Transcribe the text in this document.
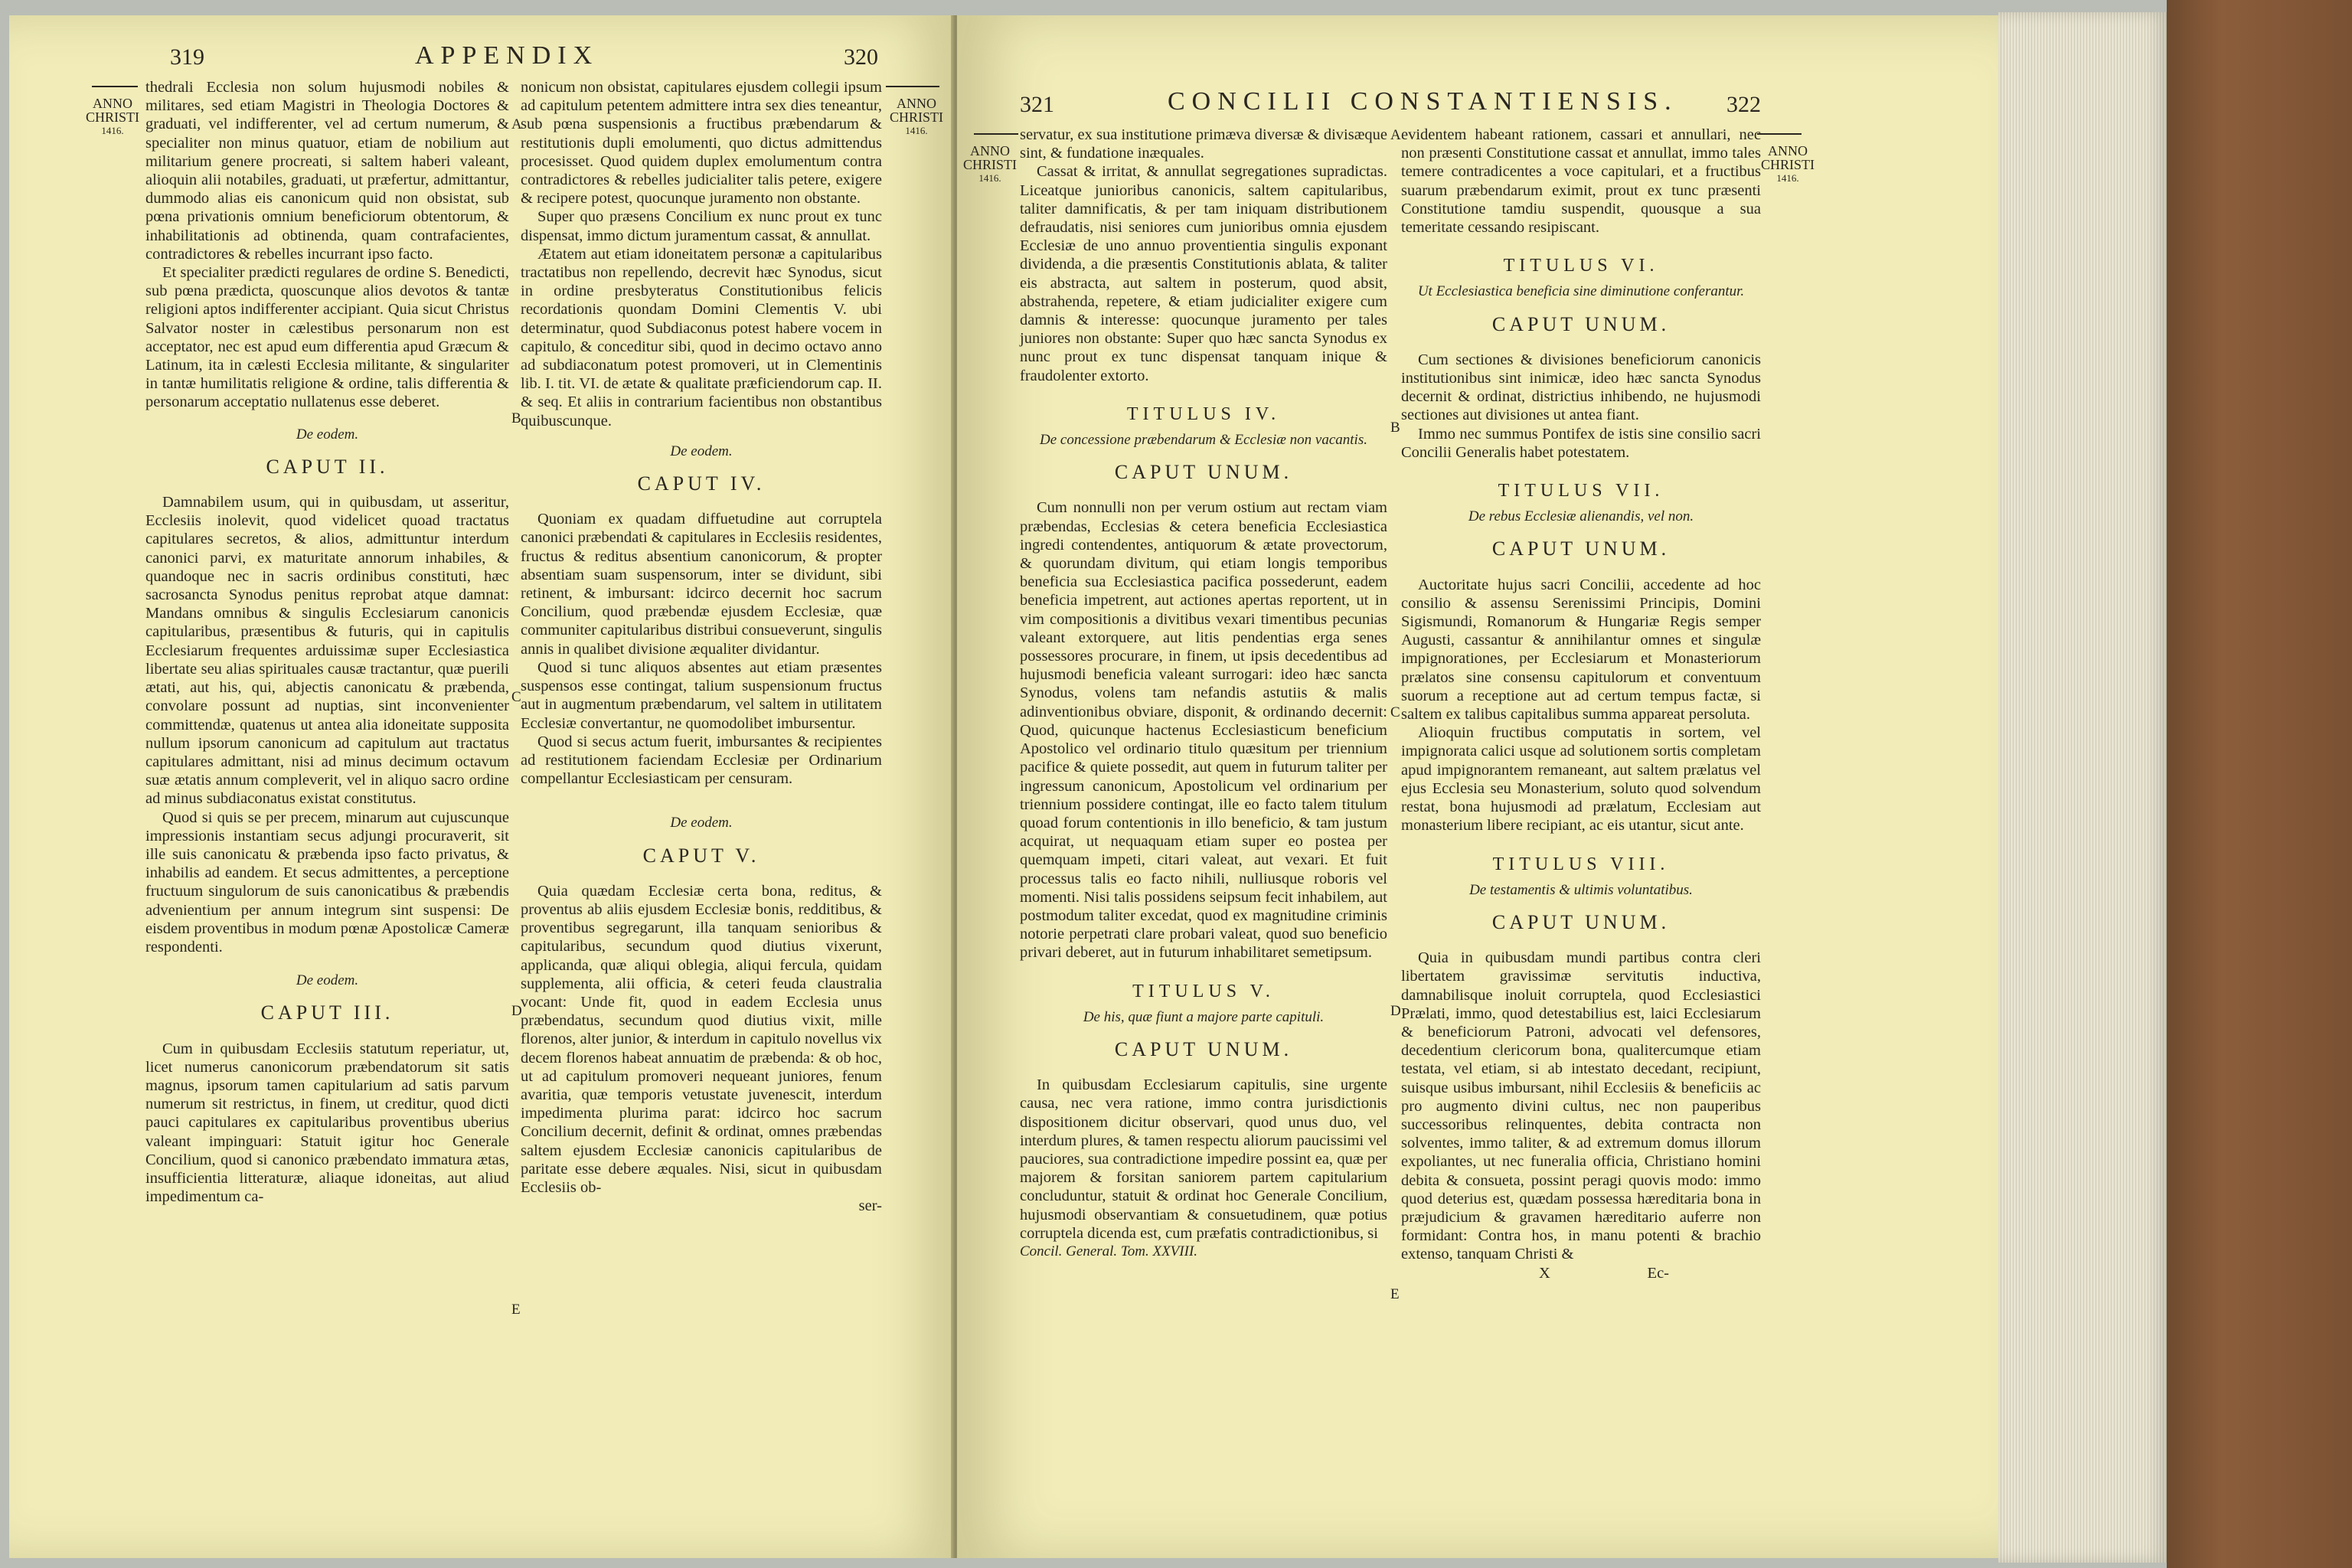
319	APPENDIX	320
ANNO
CHRISTI
1416.
ANNO
CHRISTI
1416.

thedrali Ecclesia non solum hujusmodi nobiles & militares, sed etiam Magistri in Theologia Doctores & graduati, vel indifferenter, vel ad certum numerum, & specialiter non minus quatuor, etiam de nobilium aut militarium genere procreati, si saltem haberi valeant, alioquin alii notabiles, graduati, ut præfertur, admittantur, dummodo alias eis canonicum quid non obsistat, sub pœna privationis omnium beneficiorum obtentorum, & inhabilitationis ad obtinenda, quam contrafacientes, contradictores & rebelles incurrant ipso facto.

Et specialiter prædicti regulares de ordine S. Benedicti, sub pœna prædicta, quoscunque alios devotos & tantæ religioni aptos indifferenter accipiant. Quia sicut Christus Salvator noster in cælestibus personarum non est acceptator, nec est apud eum differentia apud Græcum & Latinum, ita in cælesti Ecclesia militante, & singulariter in tantæ humilitatis religione & ordine, talis differentia & personarum acceptatio nullatenus esse deberet.

De eodem.
CAPUT II.

Damnabilem usum, qui in quibusdam, ut asseritur, Ecclesiis inolevit, quod videlicet quoad tractatus capitulares secretos, & alios, admittuntur interdum canonici parvi, ex maturitate annorum inhabiles, & quandoque nec in sacris ordinibus constituti, hæc sacrosancta Synodus penitus reprobat atque damnat: Mandans omnibus & singulis Ecclesiarum canonicis capitularibus, præsentibus & futuris, qui in capitulis Ecclesiarum frequentes arduissimæ super Ecclesiastica libertate seu alias spirituales causæ tractantur, quæ puerili ætati, aut his, qui, abjectis canonicatu & præbenda, convolare possunt ad nuptias, sint inconvenienter committendæ, quatenus ut antea alia idoneitate supposita nullum ipsorum canonicum ad capitulum aut tractatus capitulares admittant, nisi ad minus decimum octavum suæ ætatis annum compleverit, vel in aliquo sacro ordine ad minus subdiaconatus existat constitutus.

Quod si quis se per precem, minarum aut cujuscunque impressionis instantiam secus adjungi procuraverit, sit ille suis canonicatu & præbenda ipso facto privatus, & inhabilis ad eandem. Et secus admittentes, a perceptione fructuum singulorum de suis canonicatibus & præbendis advenientium per annum integrum sint suspensi: De eisdem proventibus in modum pœnæ Apostolicæ Cameræ respondenti.

De eodem.
CAPUT III.

Cum in quibusdam Ecclesiis statutum reperiatur, ut, licet numerus canonicorum præbendatorum sit satis magnus, ipsorum tamen capitularium ad satis parvum numerum sit restrictus, in finem, ut creditur, quod dicti pauci capitulares ex capitularibus proventibus uberius valeant impinguari: Statuit igitur hoc Generale Concilium, quod si canonico præbendato immatura ætas, insufficientia litteraturæ, aliaque idoneitas, aut aliud impedimentum ca-

nonicum non obsistat, capitulares ejusdem collegii ipsum ad capitulum petentem admittere intra sex dies teneantur, sub pœna suspensionis a fructibus præbendarum & restitutionis dupli emolumenti, quo dictus admittendus procesisset. Quod quidem duplex emolumentum contra contradictores & rebelles judicialiter talis petere, exigere & recipere potest, quocunque juramento non obstante.

Super quo præsens Concilium ex nunc prout ex tunc dispensat, immo dictum juramentum cassat, & annullat.

Ætatem aut etiam idoneitatem personæ a capitularibus tractatibus non repellendo, decrevit hæc Synodus, sicut in ordine presbyteratus Constitutionibus felicis recordationis quondam Domini Clementis V. ubi determinatur, quod Subdiaconus potest habere vocem in capitulo, & conceditur sibi, quod in decimo octavo anno ad subdiaconatum potest promoveri, ut in Clementinis lib. I. tit. VI. de ætate & qualitate præficiendorum cap. II. & seq. Et aliis in contrarium facientibus non obstantibus quibuscunque.

De eodem.
CAPUT IV.

Quoniam ex quadam diffuetudine aut corruptela canonici præbendati & capitulares in Ecclesiis residentes, fructus & reditus absentium canonicorum, & propter absentiam suam suspensorum, inter se dividunt, sibi retinent, & imbursant: idcirco decernit hoc sacrum Concilium, quod præbendæ ejusdem Ecclesiæ, quæ communiter capitularibus distribui consueverunt, singulis annis in qualibet divisione æqualiter dividantur.

Quod si tunc aliquos absentes aut etiam præsentes suspensos esse contingat, talium suspensionum fructus aut in augmentum præbendarum, vel saltem in utilitatem Ecclesiæ convertantur, ne quomodolibet imbursentur.

Quod si secus actum fuerit, imbursantes & recipientes ad restitutionem faciendam Ecclesiæ per Ordinarium compellantur Ecclesiasticam per censuram.

De eodem.
CAPUT V.

Quia quædam Ecclesiæ certa bona, reditus, & proventus ab aliis ejusdem Ecclesiæ bonis, redditibus, & proventibus segregarunt, illa tanquam senioribus & capitularibus, secundum quod diutius vixerunt, applicanda, quæ aliqui oblegia, aliqui fercula, quidam supplementa, alii officia, & ceteri feuda claustralia vocant: Unde fit, quod in eadem Ecclesia unus præbendatus, secundum quod diutius vixit, mille florenos, alter junior, & interdum in capitulo novellus vix decem florenos habeat annuatim de præbenda: & ob hoc, ut ad capitulum promoveri nequeant juniores, fenum avaritia, quæ temporis vetustate juvenescit, interdum impedimenta plurima parat: idcirco hoc sacrum Concilium decernit, definit & ordinat, omnes præbendas saltem ejusdem Ecclesiæ canonicis capitularibus de paritate esse debere æquales. Nisi, sicut in quibusdam Ecclesiis ob-

ser-
A
B
C
D
E
321	CONCILII CONSTANTIENSIS. 322
ANNO
CHRISTI
1416.
ANNO
CHRISTI
1416.

servatur, ex sua institutione primæva diversæ & divisæque sint, & fundatione inæquales.

Cassat & irritat, & annullat segregationes supradictas. Liceatque junioribus canonicis, saltem capitularibus, taliter damnificatis, & per tam iniquam distributionem defraudatis, nisi seniores cum junioribus omnia ejusdem Ecclesiæ de uno annuo proventientia singulis exponant dividenda, a die præsentis Constitutionis ablata, & taliter eis abstracta, aut saltem in posterum, quod absit, abstrahenda, repetere, & etiam judicialiter exigere cum damnis & interesse: quocunque juramento per tales juniores non obstante: Super quo hæc sancta Synodus ex nunc prout ex tunc dispensat tanquam inique & fraudolenter extorto.

TITULUS IV.
De concessione præbendarum & Ecclesiæ non vacantis.
CAPUT UNUM.

Cum nonnulli non per verum ostium aut rectam viam præbendas, Ecclesias & cetera beneficia Ecclesiastica ingredi contendentes, antiquorum & ætate provectorum, & quorundam divitum, qui etiam longis temporibus beneficia sua Ecclesiastica pacifica possederunt, eadem beneficia impetrent, aut actiones apertas reportent, ut in vim compositionis a divitibus vexari timentibus pecunias valeant extorquere, aut litis pendentias erga senes possessores procurare, in finem, ut ipsis decedentibus ad hujusmodi beneficia valeant surrogari: ideo hæc sancta Synodus, volens tam nefandis astutiis & malis adinventionibus obviare, disponit, & ordinando decernit: Quod, quicunque hactenus Ecclesiasticum beneficium Apostolico vel ordinario titulo quæsitum per triennium pacifice & quiete possedit, aut quem in futurum taliter per ingressum canonicum, Apostolicum vel ordinarium per triennium possidere contingat, ille eo facto talem titulum quoad forum contentionis in illo beneficio, & tam justum acquirat, ut nequaquam etiam super eo postea per quemquam impeti, citari valeat, aut vexari. Et fuit processus talis eo facto nihili, nulliusque roboris vel momenti. Nisi talis possidens seipsum fecit inhabilem, aut postmodum taliter excedat, quod ex magnitudine criminis notorie perpetrati clare probari valeat, quod suo beneficio privari deberet, aut in futurum inhabilitaret semetipsum.

TITULUS V.
De his, quæ fiunt a majore parte capituli.
CAPUT UNUM.

In quibusdam Ecclesiarum capitulis, sine urgente causa, nec vera ratione, immo contra jurisdictionis dispositionem dicitur observari, quod unus duo, vel interdum plures, & tamen respectu aliorum paucissimi vel pauciores, sua contradictione impedire possint ea, quæ per majorem & forsitan saniorem partem capitularium concluduntur, statuit & ordinat hoc Generale Concilium, hujusmodi observantiam & consuetudinem, quæ potius corruptela dicenda est, cum præfatis contradictionibus, si

Concil. General. Tom. XXVIII.

evidentem habeant rationem, cassari et annullari, nec non præsenti Constitutione cassat et annullat, immo tales temere contradicentes a voce capitulari, et a fructibus suarum præbendarum eximit, prout ex tunc præsenti Constitutione tamdiu suspendit, quousque a sua temeritate cessando resipiscant.

TITULUS VI.
Ut Ecclesiastica beneficia sine diminutione conferantur.
CAPUT UNUM.

Cum sectiones & divisiones beneficiorum canonicis institutionibus sint inimicæ, ideo hæc sancta Synodus decernit & ordinat, districtius inhibendo, ne hujusmodi sectiones aut divisiones ut antea fiant.

Immo nec summus Pontifex de istis sine consilio sacri Concilii Generalis habet potestatem.

TITULUS VII.
De rebus Ecclesiæ alienandis, vel non.
CAPUT UNUM.

Auctoritate hujus sacri Concilii, accedente ad hoc consilio & assensu Serenissimi Principis, Domini Sigismundi, Romanorum & Hungariæ Regis semper Augusti, cassantur & annihilantur omnes et singulæ impignorationes, per Ecclesiarum et Monasteriorum prælatos sine consensu capitulorum et conventuum suorum a receptione aut ad certum tempus factæ, si saltem ex talibus capitalibus summa appareat persoluta.

Alioquin fructibus computatis in sortem, vel impignorata calici usque ad solutionem sortis completam apud impignorantem remaneant, aut saltem prælatus vel ejus Ecclesia seu Monasterium, soluto quod solvendum restat, bona hujusmodi ad prælatum, Ecclesiam aut monasterium libere recipiant, ac eis utantur, sicut ante.

TITULUS VIII.
De testamentis & ultimis voluntatibus.
CAPUT UNUM.

Quia in quibusdam mundi partibus contra cleri libertatem gravissimæ servitutis inductiva, damnabilisque inoluit corruptela, quod Ecclesiastici Prælati, immo, quod detestabilius est, laici Ecclesiarum & beneficiorum Patroni, advocati vel defensores, decedentium clericorum bona, qualitercumque etiam testata, vel etiam, si ab intestato decedant, recipiunt, suisque usibus imbursant, nihil Ecclesiis & beneficiis ac pro augmento divini cultus, nec non pauperibus successoribus relinquentes, debita contracta non solventes, immo taliter, & ad extremum domus illorum expoliantes, ut nec funeralia officia, Christiano homini debita & consueta, possint peragi quovis modo: immo quod deterius est, quædam possessa hæreditaria bona in præjudicium & gravamen hæreditario auferre non formidant: Contra hos, in manu potenti & brachio extenso, tanquam Christi &

X	Ec-
A
B
C
D
E
